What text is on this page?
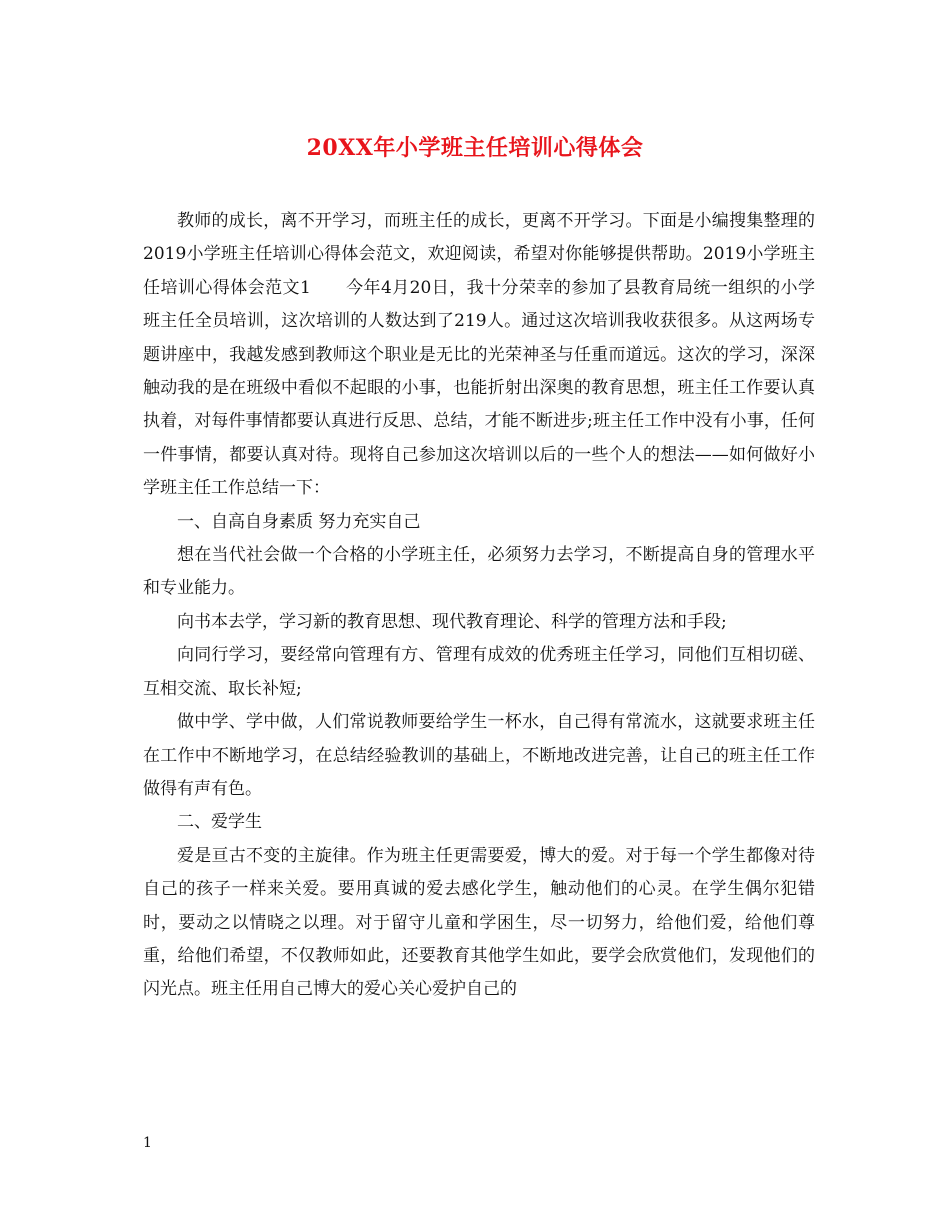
20XX年小学班主任培训心得体会

教师的成长，离不开学习，而班主任的成长，更离不开学习。下面是小编搜集整理的2019小学班主任培训心得体会范文，欢迎阅读，希望对你能够提供帮助。2019小学班主任培训心得体会范文1　　今年4月20日，我十分荣幸的参加了县教育局统一组织的小学班主任全员培训，这次培训的人数达到了219人。通过这次培训我收获很多。从这两场专题讲座中，我越发感到教师这个职业是无比的光荣神圣与任重而道远。这次的学习，深深触动我的是在班级中看似不起眼的小事，也能折射出深奥的教育思想，班主任工作要认真执着，对每件事情都要认真进行反思、总结，才能不断进步;班主任工作中没有小事，任何一件事情，都要认真对待。现将自己参加这次培训以后的一些个人的想法——如何做好小学班主任工作总结一下：

一、自高自身素质 努力充实自己

想在当代社会做一个合格的小学班主任，必须努力去学习，不断提高自身的管理水平和专业能力。

向书本去学，学习新的教育思想、现代教育理论、科学的管理方法和手段;

向同行学习，要经常向管理有方、管理有成效的优秀班主任学习，同他们互相切磋、互相交流、取长补短;

做中学、学中做，人们常说教师要给学生一杯水，自己得有常流水，这就要求班主任在工作中不断地学习，在总结经验教训的基础上，不断地改进完善，让自己的班主任工作做得有声有色。

二、爱学生

爱是亘古不变的主旋律。作为班主任更需要爱，博大的爱。对于每一个学生都像对待自己的孩子一样来关爱。要用真诚的爱去感化学生，触动他们的心灵。在学生偶尔犯错时，要动之以情晓之以理。对于留守儿童和学困生，尽一切努力，给他们爱，给他们尊重，给他们希望，不仅教师如此，还要教育其他学生如此，要学会欣赏他们，发现他们的闪光点。班主任用自己博大的爱心关心爱护自己的

1
